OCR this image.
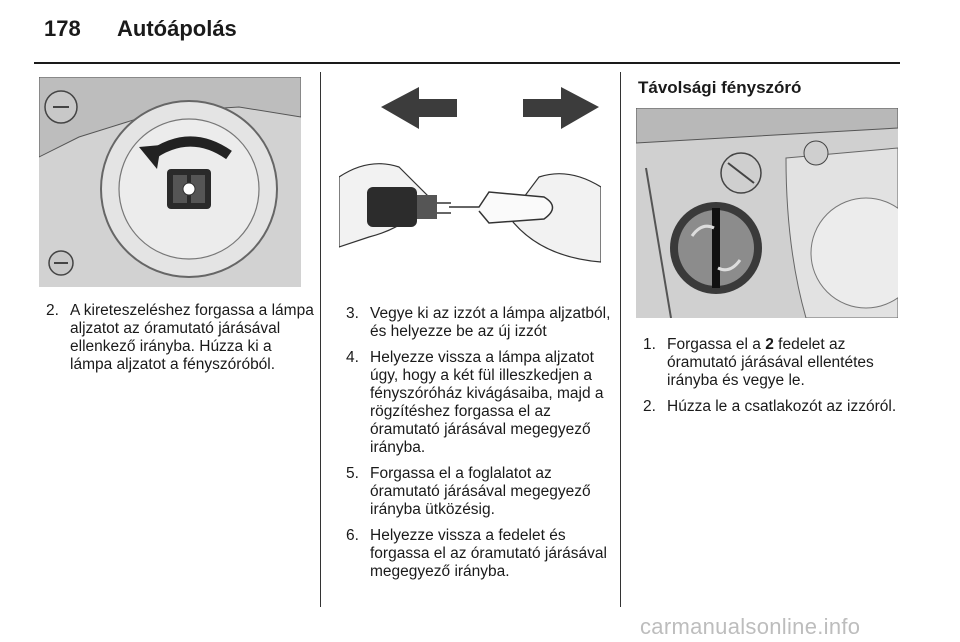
178 Autóápolás
2. A kireteszeléshez forgassa a lámpa aljzatot az óramutató járásával ellenkező irányba. Húzza ki a lámpa aljzatot a fényszóróból.
3. Vegye ki az izzót a lámpa aljzatból, és helyezze be az új izzót
4. Helyezze vissza a lámpa aljzatot úgy, hogy a két fül illeszkedjen a fényszóróház kivágásaiba, majd a rögzítéshez forgassa el az óramutató járásával megegyező irányba.
5. Forgassa el a foglalatot az óramutató járásával megegyező irányba ütközésig.
6. Helyezze vissza a fedelet és forgassa el az óramutató járásával megegyező irányba.
Távolsági fényszóró
1. Forgassa el a 2 fedelet az óramutató járásával ellentétes irányba és vegye le.
2. Húzza le a csatlakozót az izzóról.
carmanualsonline.info
